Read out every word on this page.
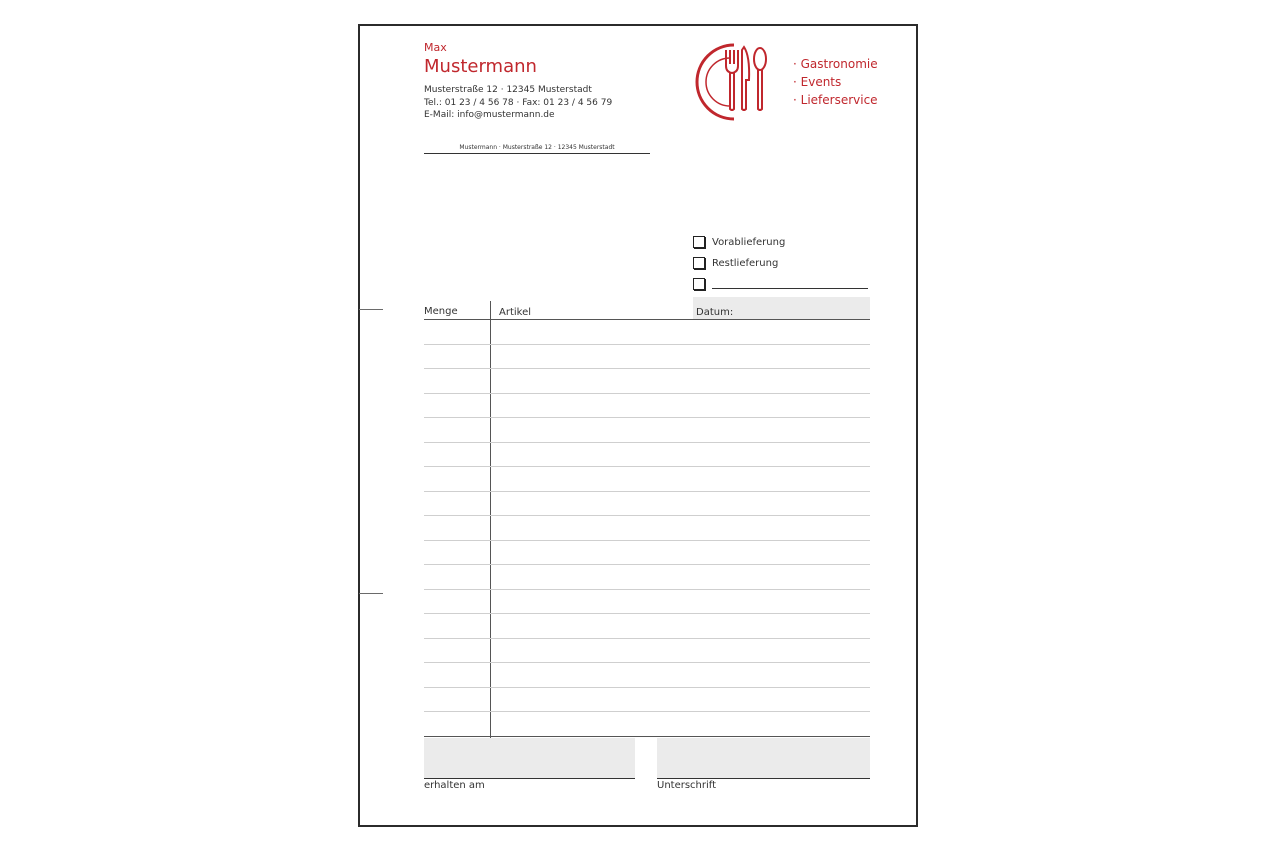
Max
Mustermann
Musterstraße 12 · 12345 Musterstadt
Tel.: 01 23 / 4 56 78 · Fax: 01 23 / 4 56 79
E-Mail: info@mustermann.de
Mustermann · Musterstraße 12 · 12345 Musterstadt
· Gastronomie
· Events
· Lieferservice
Vorablieferung
Restlieferung
Datum:
Menge	Artikel
erhalten am	Unterschrift
